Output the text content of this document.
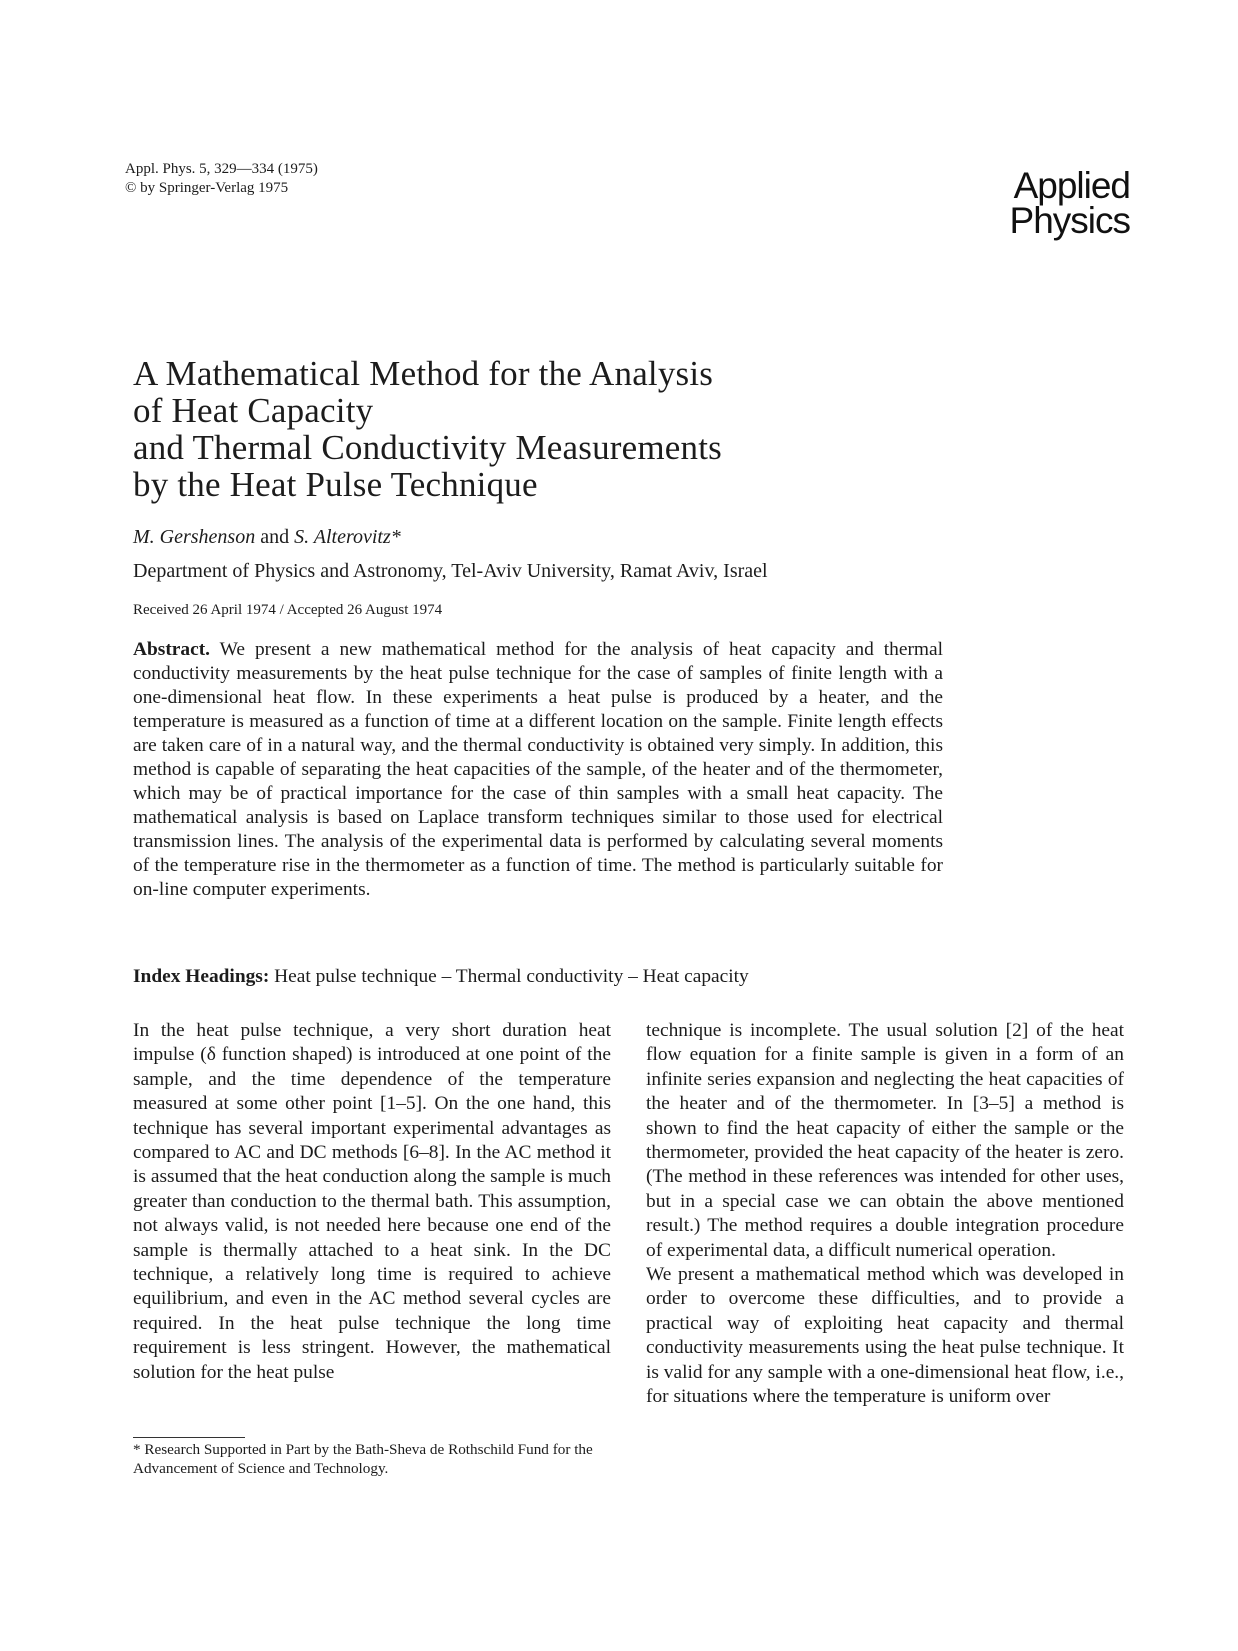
Appl. Phys. 5, 329—334 (1975)
© by Springer-Verlag 1975	Applied
Physics
A Mathematical Method for the Analysis
of Heat Capacity
and Thermal Conductivity Measurements
by the Heat Pulse Technique
M. Gershenson and S. Alterovitz*
Department of Physics and Astronomy, Tel-Aviv University, Ramat Aviv, Israel
Received 26 April 1974 / Accepted 26 August 1974

Abstract. We present a new mathematical method for the analysis of heat capacity and thermal conductivity measurements by the heat pulse technique for the case of samples of finite length with a one-dimensional heat flow. In these experiments a heat pulse is produced by a heater, and the temperature is measured as a function of time at a different location on the sample. Finite length effects are taken care of in a natural way, and the thermal conductivity is obtained very simply. In addition, this method is capable of separating the heat capacities of the sample, of the heater and of the thermometer, which may be of practical importance for the case of thin samples with a small heat capacity. The mathematical analysis is based on Laplace transform techniques similar to those used for electrical transmission lines. The analysis of the experimental data is performed by calculating several moments of the temperature rise in the thermometer as a function of time. The method is particularly suitable for on-line computer experiments.

Index Headings: Heat pulse technique – Thermal conductivity – Heat capacity

In the heat pulse technique, a very short duration heat impulse (δ function shaped) is introduced at one point of the sample, and the time dependence of the temperature measured at some other point [1–5]. On the one hand, this technique has several important experimental advantages as compared to AC and DC methods [6–8]. In the AC method it is assumed that the heat conduction along the sample is much greater than conduction to the thermal bath. This assumption, not always valid, is not needed here because one end of the sample is thermally attached to a heat sink. In the DC technique, a relatively long time is required to achieve equilibrium, and even in the AC method several cycles are required. In the heat pulse technique the long time requirement is less stringent. However, the mathematical solution for the heat pulse

technique is incomplete. The usual solution [2] of the heat flow equation for a finite sample is given in a form of an infinite series expansion and neglecting the heat capacities of the heater and of the thermometer. In [3–5] a method is shown to find the heat capacity of either the sample or the thermometer, provided the heat capacity of the heater is zero. (The method in these references was intended for other uses, but in a special case we can obtain the above mentioned result.) The method requires a double integration procedure of experimental data, a difficult numerical operation.

We present a mathematical method which was developed in order to overcome these difficulties, and to provide a practical way of exploiting heat capacity and thermal conductivity measurements using the heat pulse technique. It is valid for any sample with a one-dimensional heat flow, i.e., for situations where the temperature is uniform over

* Research Supported in Part by the Bath-Sheva de Rothschild Fund for the Advancement of Science and Technology.
